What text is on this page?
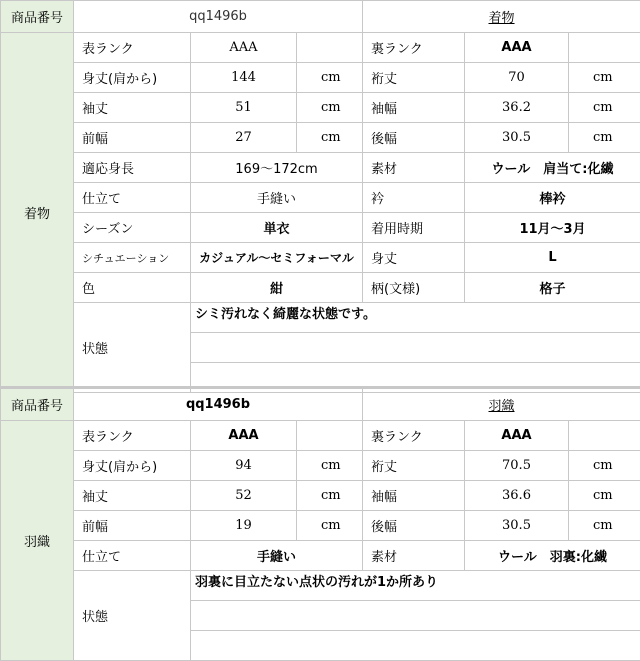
商品番号	qq1496b			着物		
着物	表ランク	AAA		裏ランク	AAA	
	身丈(肩から)	144	cm	裄丈	70	cm
	袖丈	51	cm	袖幅	36.2	cm
	前幅	27	cm	後幅	30.5	cm
	適応身長	169～172cm		素材	ウール　肩当て:化繊	
	仕立て	手縫い		衿	棒衿	
	シーズン	単衣		着用時期	11月～3月	
	シチュエーション	カジュアル～セミフォーマル		身丈	L	
	色	紺		柄(文様)	格子	
	状態	シミ汚れなく綺麗な状態です。				

商品番号	qq1496b			羽織		
羽織	表ランク	AAA		裏ランク	AAA	
	身丈(肩から)	94	cm	裄丈	70.5	cm
	袖丈	52	cm	袖幅	36.6	cm
	前幅	19	cm	後幅	30.5	cm
	仕立て	手縫い		素材	ウール　羽裏:化繊	
	状態	羽裏に目立たない点状の汚れが1か所あり				
